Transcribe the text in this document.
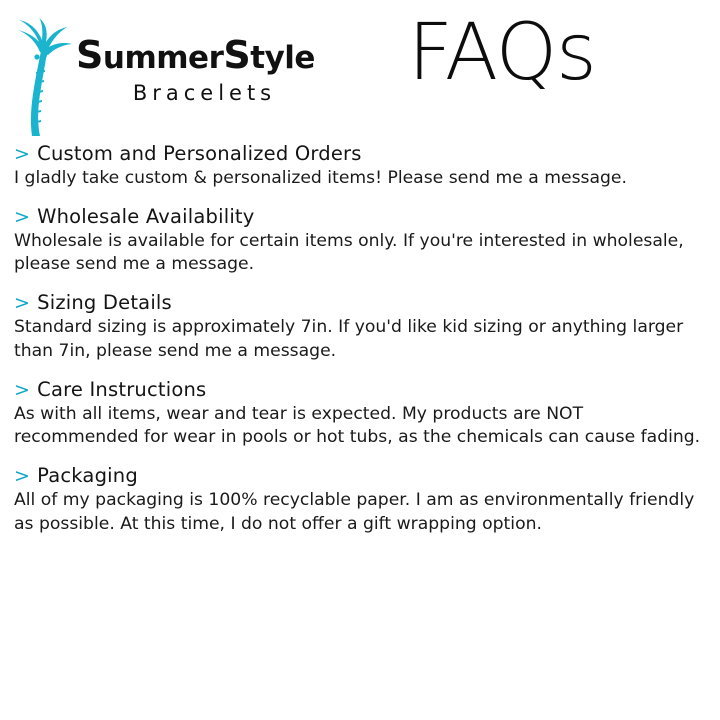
SummerStyle
Bracelets	FAQs
> Custom and Personalized Orders
I gladly take custom & personalized items! Please send me a message.
> Wholesale Availability
Wholesale is available for certain items only. If you're interested in wholesale, please send me a message.
> Sizing Details
Standard sizing is approximately 7in. If you'd like kid sizing or anything larger than 7in, please send me a message.
> Care Instructions
As with all items, wear and tear is expected. My products are NOT recommended for wear in pools or hot tubs, as the chemicals can cause fading.
> Packaging
All of my packaging is 100% recyclable paper. I am as environmentally friendly as possible. At this time, I do not offer a gift wrapping option.
